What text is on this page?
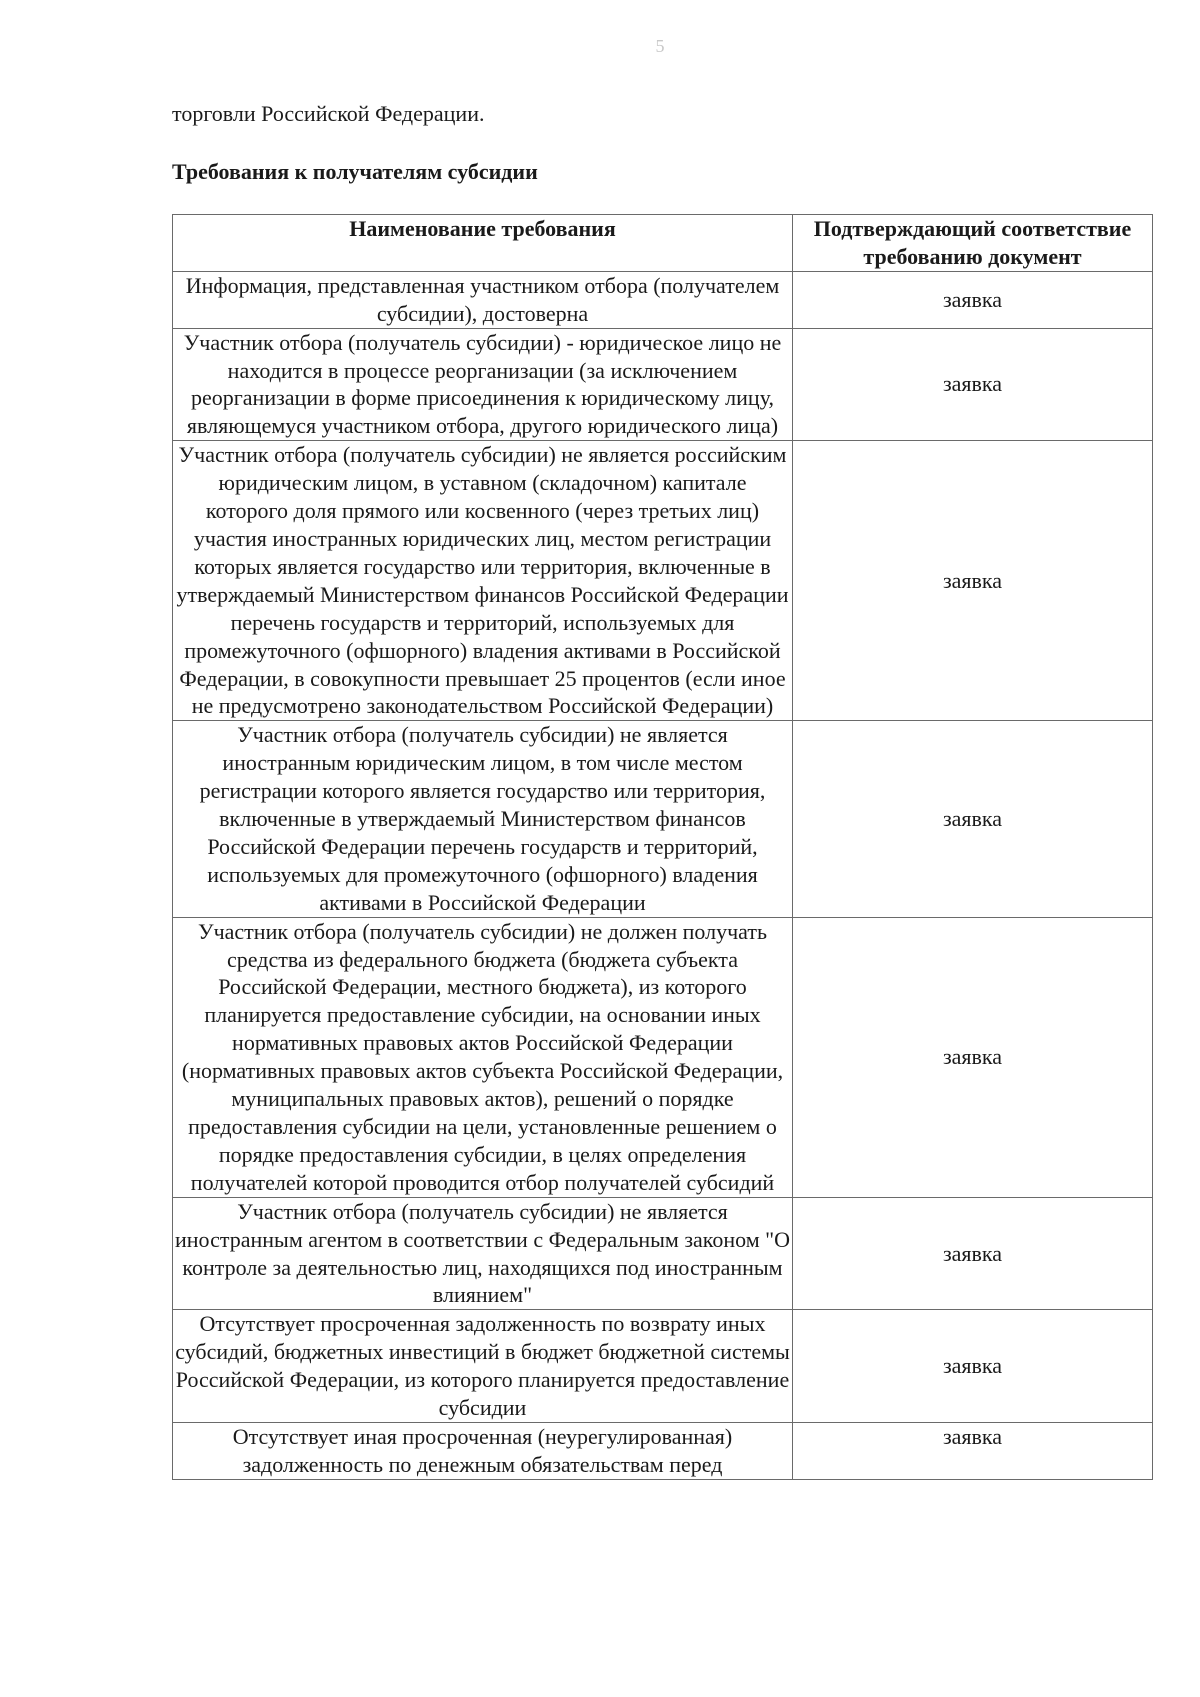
5
торговли Российской Федерации.
Требования к получателям субсидии
Наименование требования	Подтверждающий соответствие требованию документ
Информация, представленная участником отбора (получателем субсидии), достоверна	заявка
Участник отбора (получатель субсидии) - юридическое лицо не находится в процессе реорганизации (за исключением реорганизации в форме присоединения к юридическому лицу, являющемуся участником отбора, другого юридического лица)	заявка
Участник отбора (получатель субсидии) не является российским юридическим лицом, в уставном (складочном) капитале которого доля прямого или косвенного (через третьих лиц) участия иностранных юридических лиц, местом регистрации которых является государство или территория, включенные в утверждаемый Министерством финансов Российской Федерации перечень государств и территорий, используемых для промежуточного (офшорного) владения активами в Российской Федерации, в совокупности превышает 25 процентов (если иное не предусмотрено законодательством Российской Федерации)	заявка
Участник отбора (получатель субсидии) не является иностранным юридическим лицом, в том числе местом регистрации которого является государство или территория, включенные в утверждаемый Министерством финансов Российской Федерации перечень государств и территорий, используемых для промежуточного (офшорного) владения активами в Российской Федерации	заявка
Участник отбора (получатель субсидии) не должен получать средства из федерального бюджета (бюджета субъекта Российской Федерации, местного бюджета), из которого планируется предоставление субсидии, на основании иных нормативных правовых актов Российской Федерации (нормативных правовых актов субъекта Российской Федерации, муниципальных правовых актов), решений о порядке предоставления субсидии на цели, установленные решением о порядке предоставления субсидии, в целях определения получателей которой проводится отбор получателей субсидий	заявка
Участник отбора (получатель субсидии) не является иностранным агентом в соответствии с Федеральным законом "О контроле за деятельностью лиц, находящихся под иностранным влиянием"	заявка
Отсутствует просроченная задолженность по возврату иных субсидий, бюджетных инвестиций в бюджет бюджетной системы Российской Федерации, из которого планируется предоставление субсидии	заявка
Отсутствует иная просроченная (неурегулированная) задолженность по денежным обязательствам перед	заявка
